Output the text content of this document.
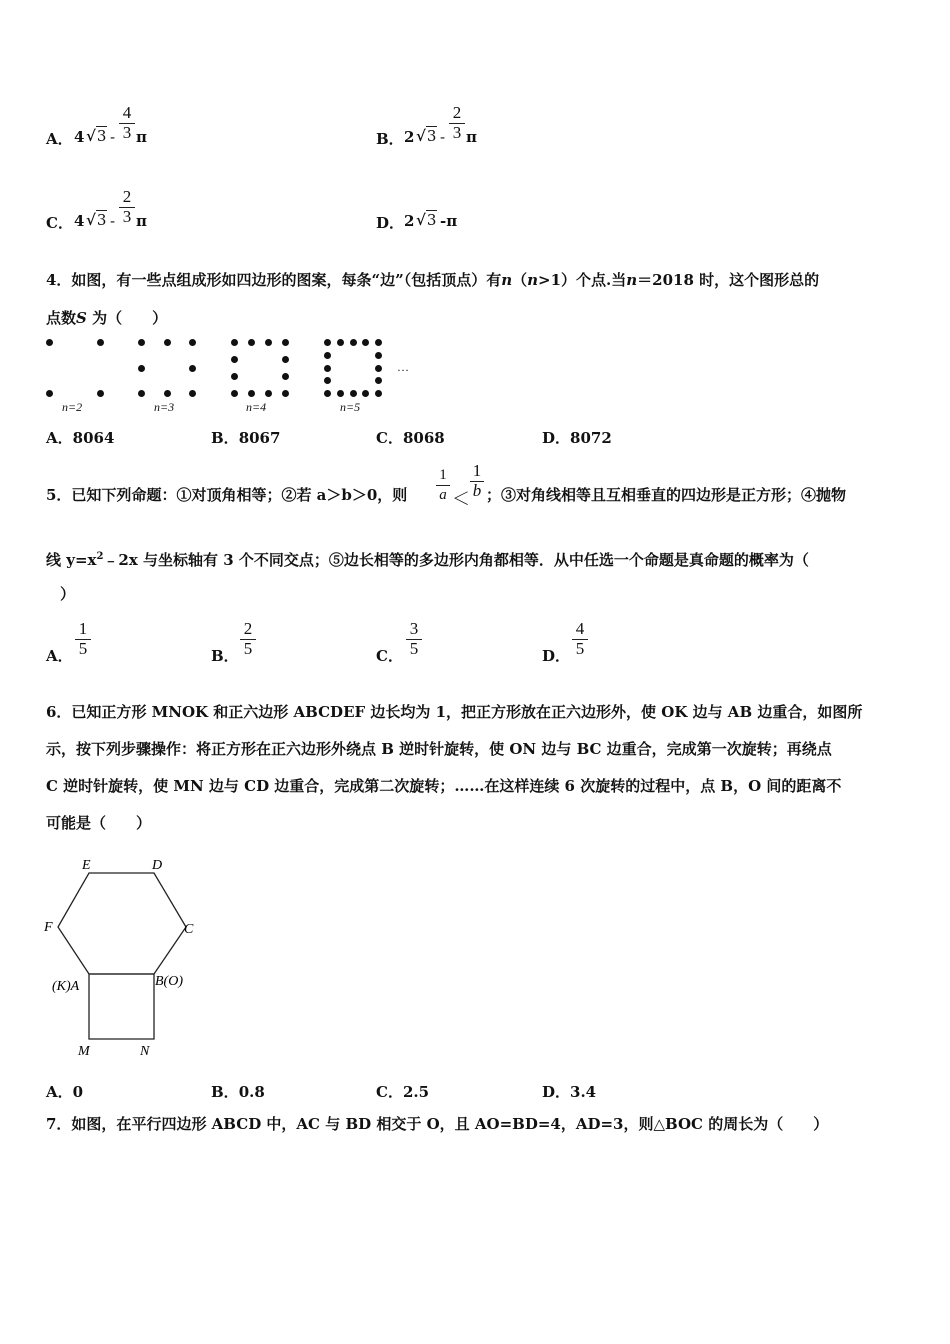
A． 4 $√3 - \frac{4}{3}$ π	B． 2 $√3 - \frac{2}{3}$ π
C． 4 $√3 - \frac{2}{3}$ π	D． 2 √3 -π
4．如图，有一些点组成形如四边形的图案，每条“边”（包括顶点）有n（n>1）个点.当n＝2018 时，这个图形总的
点数S 为（　　）
n=2	n=3	n=4	n=5
…
A．8064	B．8067	C．8068	D．8072
5．已知下列命题：①对顶角相等；②若 a＞b＞0，则 $\frac{1}{a} < \frac{1}{b}$ ；③对角线相等且互相垂直的四边形是正方形；④抛物
线 $y=x^2﹣2x$ 与坐标轴有 3 个不同交点；⑤边长相等的多边形内角都相等．从中任选一个命题是真命题的概率为（
）
A． $\frac{1}{5}$	B． $\frac{2}{5}$	C． $\frac{3}{5}$	D． $\frac{4}{5}$
6．已知正方形 MNOK 和正六边形 ABCDEF 边长均为 1，把正方形放在正六边形外，使 OK 边与 AB 边重合，如图所
示，按下列步骤操作：将正方形在正六边形外绕点 B 逆时针旋转，使 ON 边与 BC 边重合，完成第一次旋转；再绕点
C 逆时针旋转，使 MN 边与 CD 边重合，完成第二次旋转；……在这样连续 6 次旋转的过程中，点 B，O 间的距离不
可能是（　　）
E	D
F	C
(K)A	B(O)
M	N
A．0	B．0.8	C．2.5	D．3.4
7．如图，在平行四边形 ABCD 中，AC 与 BD 相交于 O，且 AO=BD=4，AD=3，则△BOC 的周长为（　　）
